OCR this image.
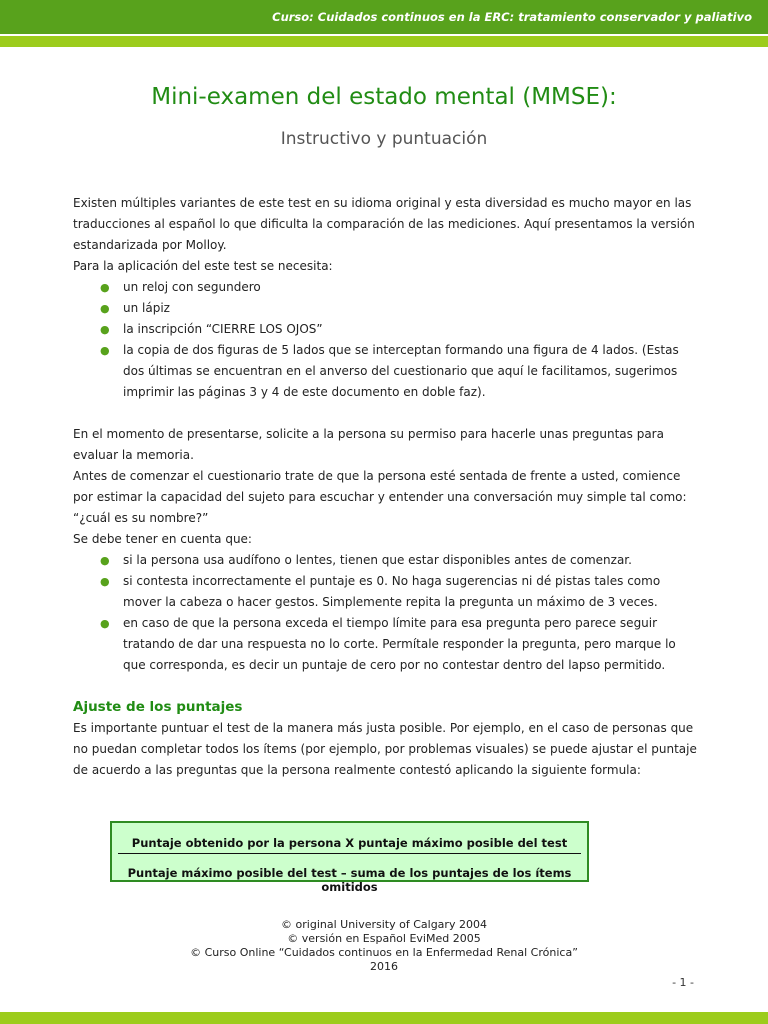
Curso: Cuidados continuos en la ERC: tratamiento conservador y paliativo
Mini-examen del estado mental (MMSE):
Instructivo y puntuación

Existen múltiples variantes de este test en su idioma original y esta diversidad es mucho mayor en las traducciones al español lo que dificulta la comparación de las mediciones. Aquí presentamos la versión estandarizada por Molloy.

Para la aplicación del este test se necesita:

● un reloj con segundero
● un lápiz
● la inscripción “CIERRE LOS OJOS”
● la copia de dos figuras de 5 lados que se interceptan formando una figura de 4 lados. (Estas dos últimas se encuentran en el anverso del cuestionario que aquí le facilitamos, sugerimos imprimir las páginas 3 y 4 de este documento en doble faz).

En el momento de presentarse, solicite a la persona su permiso para hacerle unas preguntas para evaluar la memoria.

Antes de comenzar el cuestionario trate de que la persona esté sentada de frente a usted, comience por estimar la capacidad del sujeto para escuchar y entender una conversación muy simple tal como: “¿cuál es su nombre?”

Se debe tener en cuenta que:

● si la persona usa audífono o lentes, tienen que estar disponibles antes de comenzar.
● si contesta incorrectamente el puntaje es 0. No haga sugerencias ni dé pistas tales como mover la cabeza o hacer gestos. Simplemente repita la pregunta un máximo de 3 veces.
● en caso de que la persona exceda el tiempo límite para esa pregunta pero parece seguir tratando de dar una respuesta no lo corte. Permítale responder la pregunta, pero marque lo que corresponda, es decir un puntaje de cero por no contestar dentro del lapso permitido.
Ajuste de los puntajes

Es importante puntuar el test de la manera más justa posible. Por ejemplo, en el caso de personas que no puedan completar todos los ítems (por ejemplo, por problemas visuales) se puede ajustar el puntaje de acuerdo a las preguntas que la persona realmente contestó aplicando la siguiente formula:

Puntaje obtenido por la persona X puntaje máximo posible del test
Puntaje máximo posible del test – suma de los puntajes de los ítems omitidos
© original University of Calgary 2004
© versión en Español EviMed 2005
© Curso Online “Cuidados continuos en la Enfermedad Renal Crónica”
2016
- 1 -
